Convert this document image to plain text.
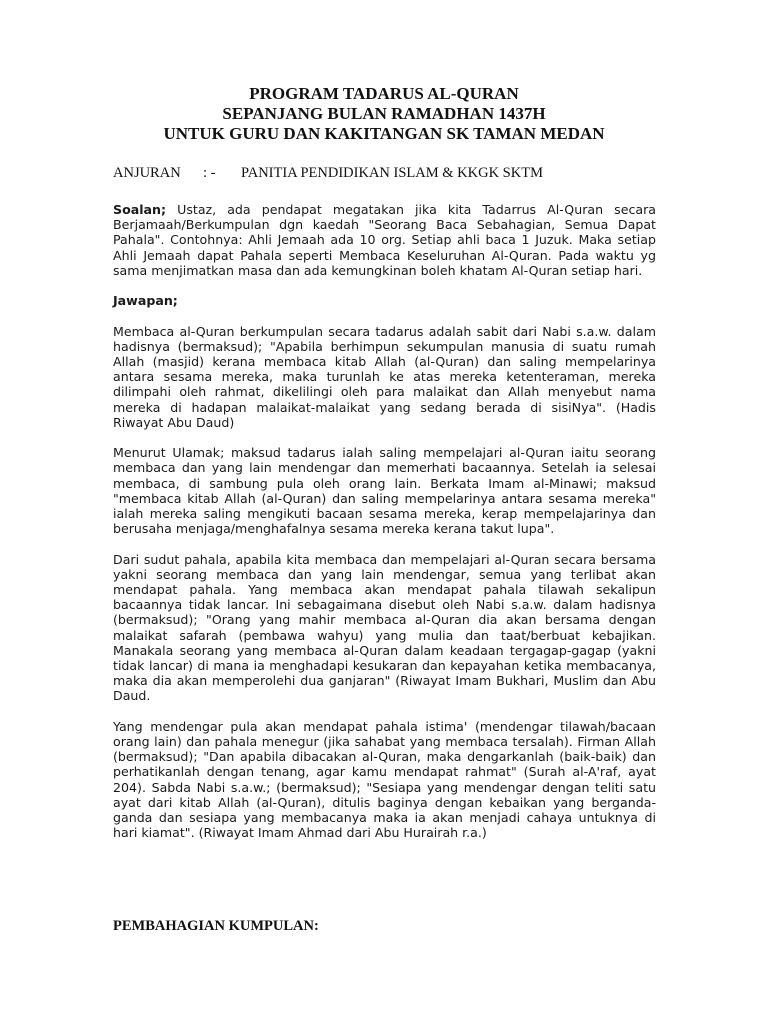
PROGRAM TADARUS AL-QURAN
SEPANJANG BULAN RAMADHAN 1437H
UNTUK GURU DAN KAKITANGAN SK TAMAN MEDAN
ANJURAN : - PANITIA PENDIDIKAN ISLAM & KKGK SKTM

Soalan; Ustaz, ada pendapat megatakan jika kita Tadarrus Al-Quran secara Berjamaah/Berkumpulan dgn kaedah "Seorang Baca Sebahagian, Semua Dapat Pahala". Contohnya: Ahli Jemaah ada 10 org. Setiap ahli baca 1 Juzuk. Maka setiap Ahli Jemaah dapat Pahala seperti Membaca Keseluruhan Al-Quran. Pada waktu yg sama menjimatkan masa dan ada kemungkinan boleh khatam Al-Quran setiap hari.

Jawapan;

Membaca al-Quran berkumpulan secara tadarus adalah sabit dari Nabi s.a.w. dalam hadisnya (bermaksud); "Apabila berhimpun sekumpulan manusia di suatu rumah Allah (masjid) kerana membaca kitab Allah (al-Quran) dan saling mempelarinya antara sesama mereka, maka turunlah ke atas mereka ketenteraman, mereka dilimpahi oleh rahmat, dikelilingi oleh para malaikat dan Allah menyebut nama mereka di hadapan malaikat-malaikat yang sedang berada di sisiNya". (Hadis Riwayat Abu Daud)

Menurut Ulamak; maksud tadarus ialah saling mempelajari al-Quran iaitu seorang membaca dan yang lain mendengar dan memerhati bacaannya. Setelah ia selesai membaca, di sambung pula oleh orang lain. Berkata Imam al-Minawi; maksud "membaca kitab Allah (al-Quran) dan saling mempelarinya antara sesama mereka" ialah mereka saling mengikuti bacaan sesama mereka, kerap mempelajarinya dan berusaha menjaga/menghafalnya sesama mereka kerana takut lupa".

Dari sudut pahala, apabila kita membaca dan mempelajari al-Quran secara bersama yakni seorang membaca dan yang lain mendengar, semua yang terlibat akan mendapat pahala. Yang membaca akan mendapat pahala tilawah sekalipun bacaannya tidak lancar. Ini sebagaimana disebut oleh Nabi s.a.w. dalam hadisnya (bermaksud); "Orang yang mahir membaca al-Quran dia akan bersama dengan malaikat safarah (pembawa wahyu) yang mulia dan taat/berbuat kebajikan. Manakala seorang yang membaca al-Quran dalam keadaan tergagap-gagap (yakni tidak lancar) di mana ia menghadapi kesukaran dan kepayahan ketika membacanya, maka dia akan memperolehi dua ganjaran" (Riwayat Imam Bukhari, Muslim dan Abu Daud.

Yang mendengar pula akan mendapat pahala istima' (mendengar tilawah/bacaan orang lain) dan pahala menegur (jika sahabat yang membaca tersalah). Firman Allah (bermaksud); "Dan apabila dibacakan al-Quran, maka dengarkanlah (baik-baik) dan perhatikanlah dengan tenang, agar kamu mendapat rahmat" (Surah al-A'raf, ayat 204). Sabda Nabi s.a.w.; (bermaksud); "Sesiapa yang mendengar dengan teliti satu ayat dari kitab Allah (al-Quran), ditulis baginya dengan kebaikan yang berganda-ganda dan sesiapa yang membacanya maka ia akan menjadi cahaya untuknya di hari kiamat". (Riwayat Imam Ahmad dari Abu Hurairah r.a.)

PEMBAHAGIAN KUMPULAN:
